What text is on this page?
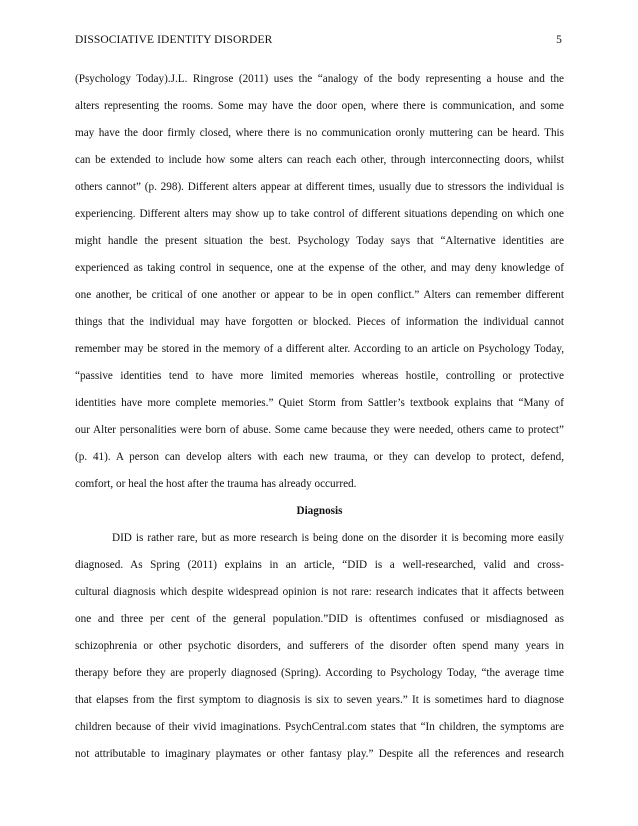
DISSOCIATIVE IDENTITY DISORDER	5
(Psychology Today).J.L. Ringrose (2011) uses the “analogy of the body representing a house and the
alters representing the rooms. Some may have the door open, where there is communication, and some
may have the door firmly closed, where there is no communication oronly muttering can be heard. This
can be extended to include how some alters can reach each other, through interconnecting doors, whilst
others cannot” (p. 298). Different alters appear at different times, usually due to stressors the individual is
experiencing. Different alters may show up to take control of different situations depending on which one
might handle the present situation the best. Psychology Today says that “Alternative identities are
experienced as taking control in sequence, one at the expense of the other, and may deny knowledge of
one another, be critical of one another or appear to be in open conflict.” Alters can remember different
things that the individual may have forgotten or blocked. Pieces of information the individual cannot
remember may be stored in the memory of a different alter. According to an article on Psychology Today,
“passive identities tend to have more limited memories whereas hostile, controlling or protective
identities have more complete memories.” Quiet Storm from Sattler’s textbook explains that “Many of
our Alter personalities were born of abuse. Some came because they were needed, others came to protect”
(p. 41). A person can develop alters with each new trauma, or they can develop to protect, defend,
comfort, or heal the host after the trauma has already occurred.
Diagnosis
DID is rather rare, but as more research is being done on the disorder it is becoming more easily
diagnosed. As Spring (2011) explains in an article, “DID is a well-researched, valid and cross-
cultural diagnosis which despite widespread opinion is not rare: research indicates that it affects between
one and three per cent of the general population.”DID is oftentimes confused or misdiagnosed as
schizophrenia or other psychotic disorders, and sufferers of the disorder often spend many years in
therapy before they are properly diagnosed (Spring). According to Psychology Today, “the average time
that elapses from the first symptom to diagnosis is six to seven years.” It is sometimes hard to diagnose
children because of their vivid imaginations. PsychCentral.com states that “In children, the symptoms are
not attributable to imaginary playmates or other fantasy play.” Despite all the references and research
